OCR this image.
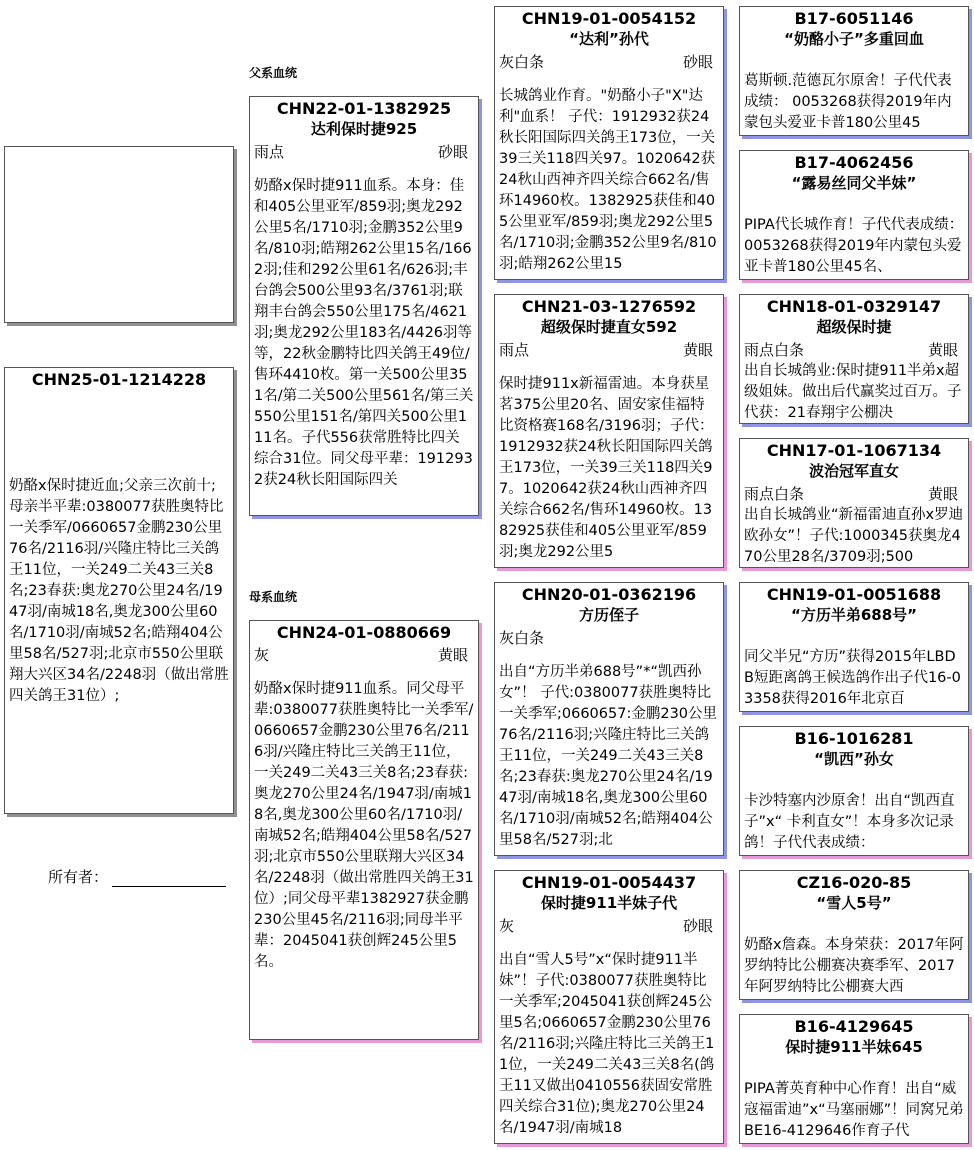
CHN25-01-1214228
奶酪x保时捷近血;父亲三次前十;母亲半平辈:0380077获胜奥特比一关季军/0660657金鹏230公里76名/2116羽/兴隆庄特比三关鸽王11位，一关249二关43三关8名;23春获:奥龙270公里24名/1947羽/南城18名,奥龙300公里60名/1710羽/南城52名;皓翔404公里58名/527羽;北京市550公里联翔大兴区34名/2248羽（做出常胜四关鸽王31位）;
所有者：
父系血统
母系血统
CHN22-01-1382925
达利保时捷925
雨点	砂眼
奶酪x保时捷911血系。本身：佳和405公里亚军/859羽;奥龙292公里5名/1710羽;金鹏352公里9名/810羽;皓翔262公里15名/1662羽;佳和292公里61名/626羽;丰台鸽会500公里93名/3761羽;联翔丰台鸽会550公里175名/4621羽;奥龙292公里183名/4426羽等等，22秋金鹏特比四关鸽王49位/售环4410枚。第一关500公里351名/第二关500公里561名/第三关550公里151名/第四关500公里111名。子代556获常胜特比四关综合31位。同父母平辈：1912932获24秋长阳国际四关
CHN24-01-0880669
灰	黄眼
奶酪x保时捷911血系。同父母平辈:0380077获胜奥特比一关季军/0660657金鹏230公里76名/2116羽/兴隆庄特比三关鸽王11位，一关249二关43三关8名;23春获:奥龙270公里24名/1947羽/南城18名,奥龙300公里60名/1710羽/南城52名;皓翔404公里58名/527羽;北京市550公里联翔大兴区34名/2248羽（做出常胜四关鸽王31位）;同父母平辈1382927获金鹏230公里45名/2116羽;同母半平辈：2045041获创辉245公里5名。
CHN19-01-0054152
“达利”孙代
灰白条	砂眼
长城鸽业作育。"奶酪小子"X"达利"血系！ 子代：1912932获24秋长阳国际四关鸽王173位，一关39三关118四关97。1020642获24秋山西神齐四关综合662名/售环14960枚。1382925获佳和405公里亚军/859羽;奥龙292公里5名/1710羽;金鹏352公里9名/810羽;皓翔262公里15
CHN21-03-1276592
超级保时捷直女592
雨点	黄眼
保时捷911x新福雷迪。本身获星茗375公里20名、固安家佳福特比资格赛168名/3196羽；子代：1912932获24秋长阳国际四关鸽王173位，一关39三关118四关97。1020642获24秋山西神齐四关综合662名/售环14960枚。1382925获佳和405公里亚军/859羽;奥龙292公里5
CHN20-01-0362196
方历侄子
灰白条
出自“方历半弟688号”*“凯西孙女”！ 子代:0380077获胜奥特比一关季军;0660657:金鹏230公里76名/2116羽;兴隆庄特比三关鸽王11位，一关249二关43三关8名;23春获:奥龙270公里24名/1947羽/南城18名,奥龙300公里60名/1710羽/南城52名;皓翔404公里58名/527羽;北
CHN19-01-0054437
保时捷911半妹子代
灰	砂眼
出自“雪人5号”x“保时捷911半妹”！子代:0380077获胜奥特比一关季军;2045041获创辉245公里5名;0660657金鹏230公里76名/2116羽;兴隆庄特比三关鸽王11位，一关249二关43三关8名(鸽王11又做出0410556获固安常胜四关综合31位);奥龙270公里24名/1947羽/南城18
B17-6051146
“奶酪小子”多重回血
葛斯顿.范德瓦尔原舍！子代代表成绩： 0053268获得2019年内蒙包头爱亚卡普180公里45
B17-4062456
“露易丝同父半妹”
PIPA代长城作育！子代代表成绩： 0053268获得2019年内蒙包头爱亚卡普180公里45名、
CHN18-01-0329147
超级保时捷
雨点白条	黄眼
出自长城鸽业:保时捷911半弟x超级姐妹。做出后代赢奖过百万。子代获：21春翔宇公棚决
CHN17-01-1067134
波治冠军直女
雨点白条	黄眼
出自长城鸽业“新福雷迪直孙x罗迪欧孙女”！子代:1000345获奥龙470公里28名/3709羽;500
CHN19-01-0051688
“方历半弟688号”
同父半兄“方历”获得2015年LBDB短距离鸽王候选鸽作出子代16-03358获得2016年北京百
B16-1016281
“凯西”孙女
卡沙特塞内沙原舍！出自“凯西直子”x“ 卡利直女”！本身多次记录鸽！子代代表成绩：
CZ16-020-85
“雪人5号”
奶酪x詹森。本身荣获：2017年阿罗纳特比公棚赛决赛季军、2017年阿罗纳特比公棚赛大西
B16-4129645
保时捷911半妹645
PIPA菁英育种中心作育！出自“威寇福雷迪”x“马塞丽娜”！同窝兄弟BE16-4129646作育子代
